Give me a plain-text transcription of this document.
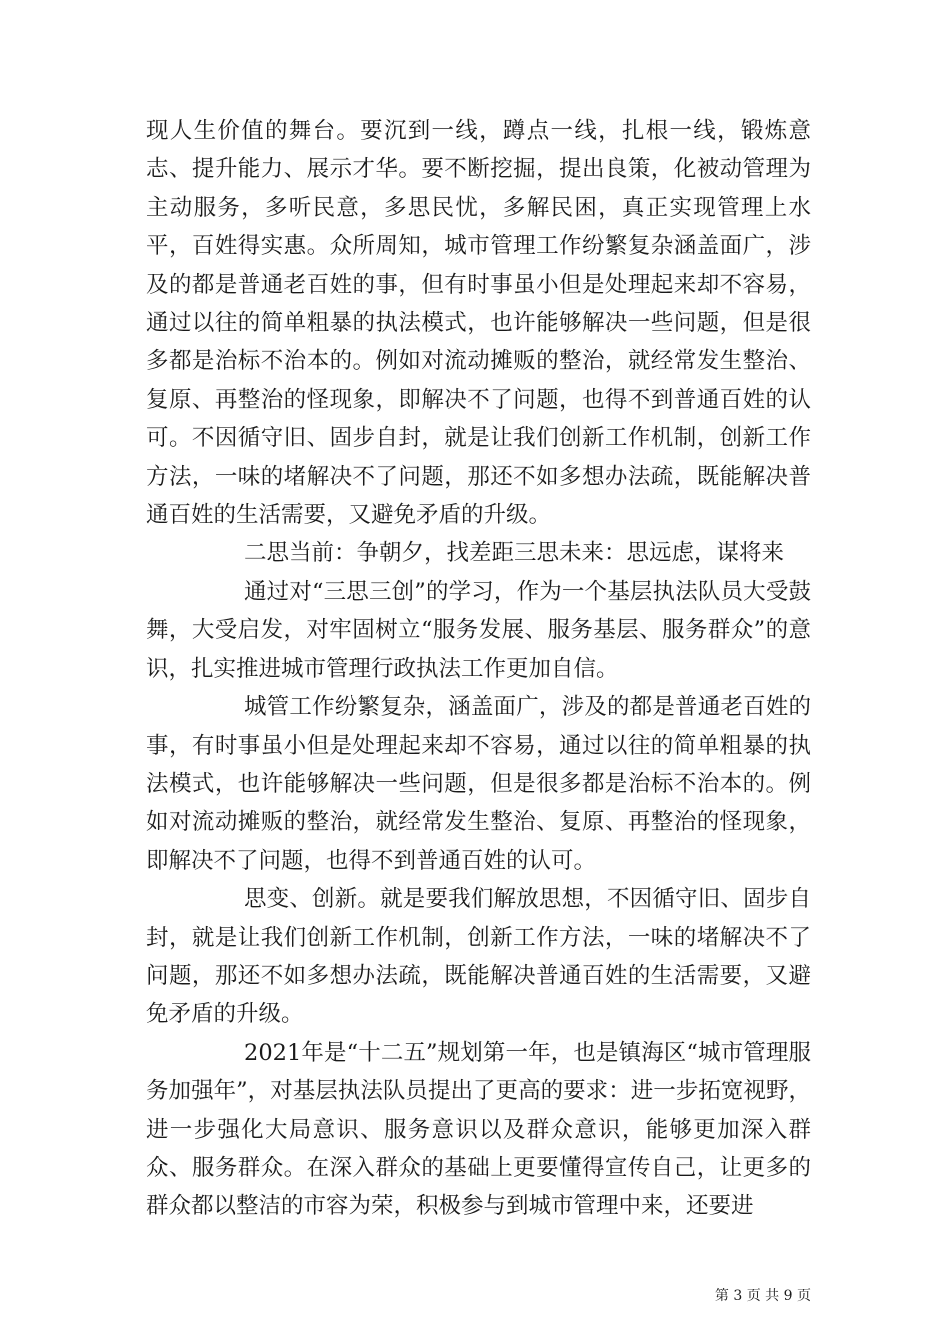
现人生价值的舞台。要沉到一线，蹲点一线，扎根一线，锻炼意志、提升能力、展示才华。要不断挖掘，提出良策，化被动管理为主动服务，多听民意，多思民忧，多解民困，真正实现管理上水平，百姓得实惠。众所周知，城市管理工作纷繁复杂涵盖面广，涉及的都是普通老百姓的事，但有时事虽小但是处理起来却不容易，通过以往的简单粗暴的执法模式，也许能够解决一些问题，但是很多都是治标不治本的。例如对流动摊贩的整治，就经常发生整治、复原、再整治的怪现象，即解决不了问题，也得不到普通百姓的认可。不因循守旧、固步自封，就是让我们创新工作机制，创新工作方法，一味的堵解决不了问题，那还不如多想办法疏，既能解决普通百姓的生活需要，又避免矛盾的升级。

二思当前：争朝夕，找差距三思未来：思远虑，谋将来

通过对“三思三创”的学习，作为一个基层执法队员大受鼓舞，大受启发，对牢固树立“服务发展、服务基层、服务群众”的意识，扎实推进城市管理行政执法工作更加自信。

城管工作纷繁复杂，涵盖面广，涉及的都是普通老百姓的事，有时事虽小但是处理起来却不容易，通过以往的简单粗暴的执法模式，也许能够解决一些问题，但是很多都是治标不治本的。例如对流动摊贩的整治，就经常发生整治、复原、再整治的怪现象，即解决不了问题，也得不到普通百姓的认可。

思变、创新。就是要我们解放思想，不因循守旧、固步自封，就是让我们创新工作机制，创新工作方法，一味的堵解决不了问题，那还不如多想办法疏，既能解决普通百姓的生活需要，又避免矛盾的升级。

2021年是“十二五”规划第一年，也是镇海区“城市管理服务加强年”，对基层执法队员提出了更高的要求：进一步拓宽视野，进一步强化大局意识、服务意识以及群众意识，能够更加深入群众、服务群众。在深入群众的基础上更要懂得宣传自己，让更多的群众都以整洁的市容为荣，积极参与到城市管理中来，还要进

第 3 页 共 9 页
